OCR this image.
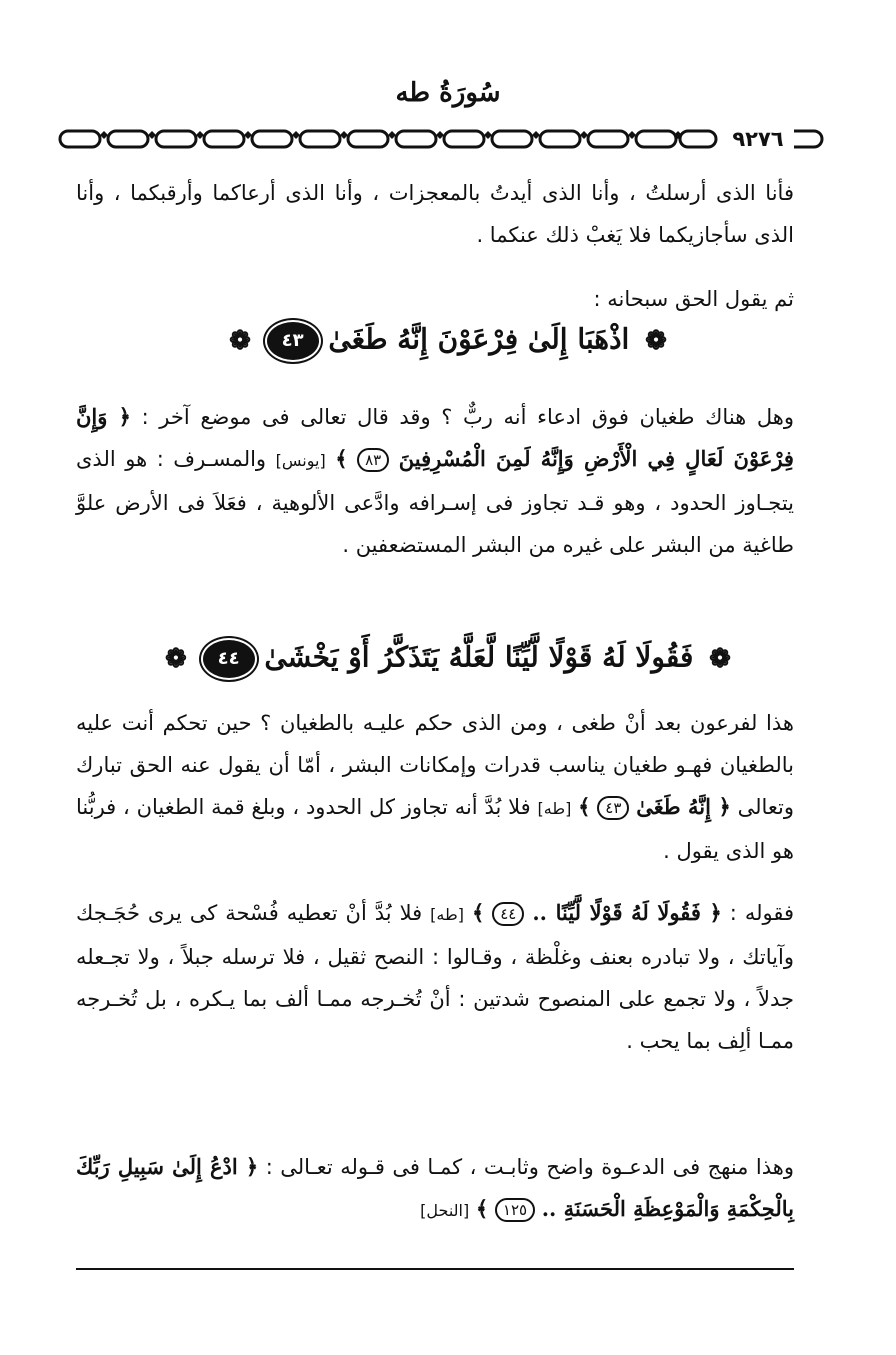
سُورَةُ طه
٩٢٧٦

فأنا الذى أرسلتُ ، وأنا الذى أيدتُ بالمعجزات ، وأنا الذى أرعاكما وأرقبكما ، وأنا الذى سأجازيكما فلا يَغبْ ذلك عنكما .

ثم يقول الحق سبحانه :

❁ اذْهَبَا إِلَىٰ فِرْعَوْنَ إِنَّهُ طَغَىٰ ٤٣ ❁

وهل هناك طغيان فوق ادعاء أنه ربٌّ ؟ وقد قال تعالى فى موضع آخر : ﴿ وَإِنَّ فِرْعَوْنَ لَعَالٍ فِي الْأَرْضِ وَإِنَّهُ لَمِنَ الْمُسْرِفِينَ ٨٣ ﴾ [يونس] والمسـرف : هو الذى يتجـاوز الحدود ، وهو قـد تجاوز فى إسـرافه وادَّعى الألوهية ، فعَلاَ فى الأرض علوَّ طاغية من البشر على غيره من البشر المستضعفين .

❁ فَقُولَا لَهُ قَوْلًا لَّيِّنًا لَّعَلَّهُ يَتَذَكَّرُ أَوْ يَخْشَىٰ ٤٤ ❁

هذا لفرعون بعد أنْ طغى ، ومن الذى حكم عليـه بالطغيان ؟ حين تحكم أنت عليه بالطغيان فهـو طغيان يناسب قدرات وإمكانات البشر ، أمّا أن يقول عنه الحق تبارك وتعالى ﴿ إِنَّهُ طَغَىٰ ٤٣ ﴾ [طه] فلا بُدَّ أنه تجاوز كل الحدود ، وبلغ قمة الطغيان ، فربُّنا هو الذى يقول .

فقوله : ﴿ فَقُولَا لَهُ قَوْلًا لَّيِّنًا .. ٤٤ ﴾ [طه] فلا بُدَّ أنْ تعطيه فُسْحة كى يرى حُجَـجك وآياتك ، ولا تبادره بعنف وغلْظة ، وقـالوا : النصح ثقيل ، فلا ترسله جبلاً ، ولا تجـعله جدلاً ، ولا تجمع على المنصوح شدتين : أنْ تُخـرجه ممـا ألف بما يـكره ، بل تُخـرجه ممـا ألِف بما يحب .

وهذا منهج فى الدعـوة واضح وثابـت ، كمـا فى قـوله تعـالى : ﴿ ادْعُ إِلَىٰ سَبِيلِ رَبِّكَ بِالْحِكْمَةِ وَالْمَوْعِظَةِ الْحَسَنَةِ .. ١٢٥ ﴾ [النحل]
